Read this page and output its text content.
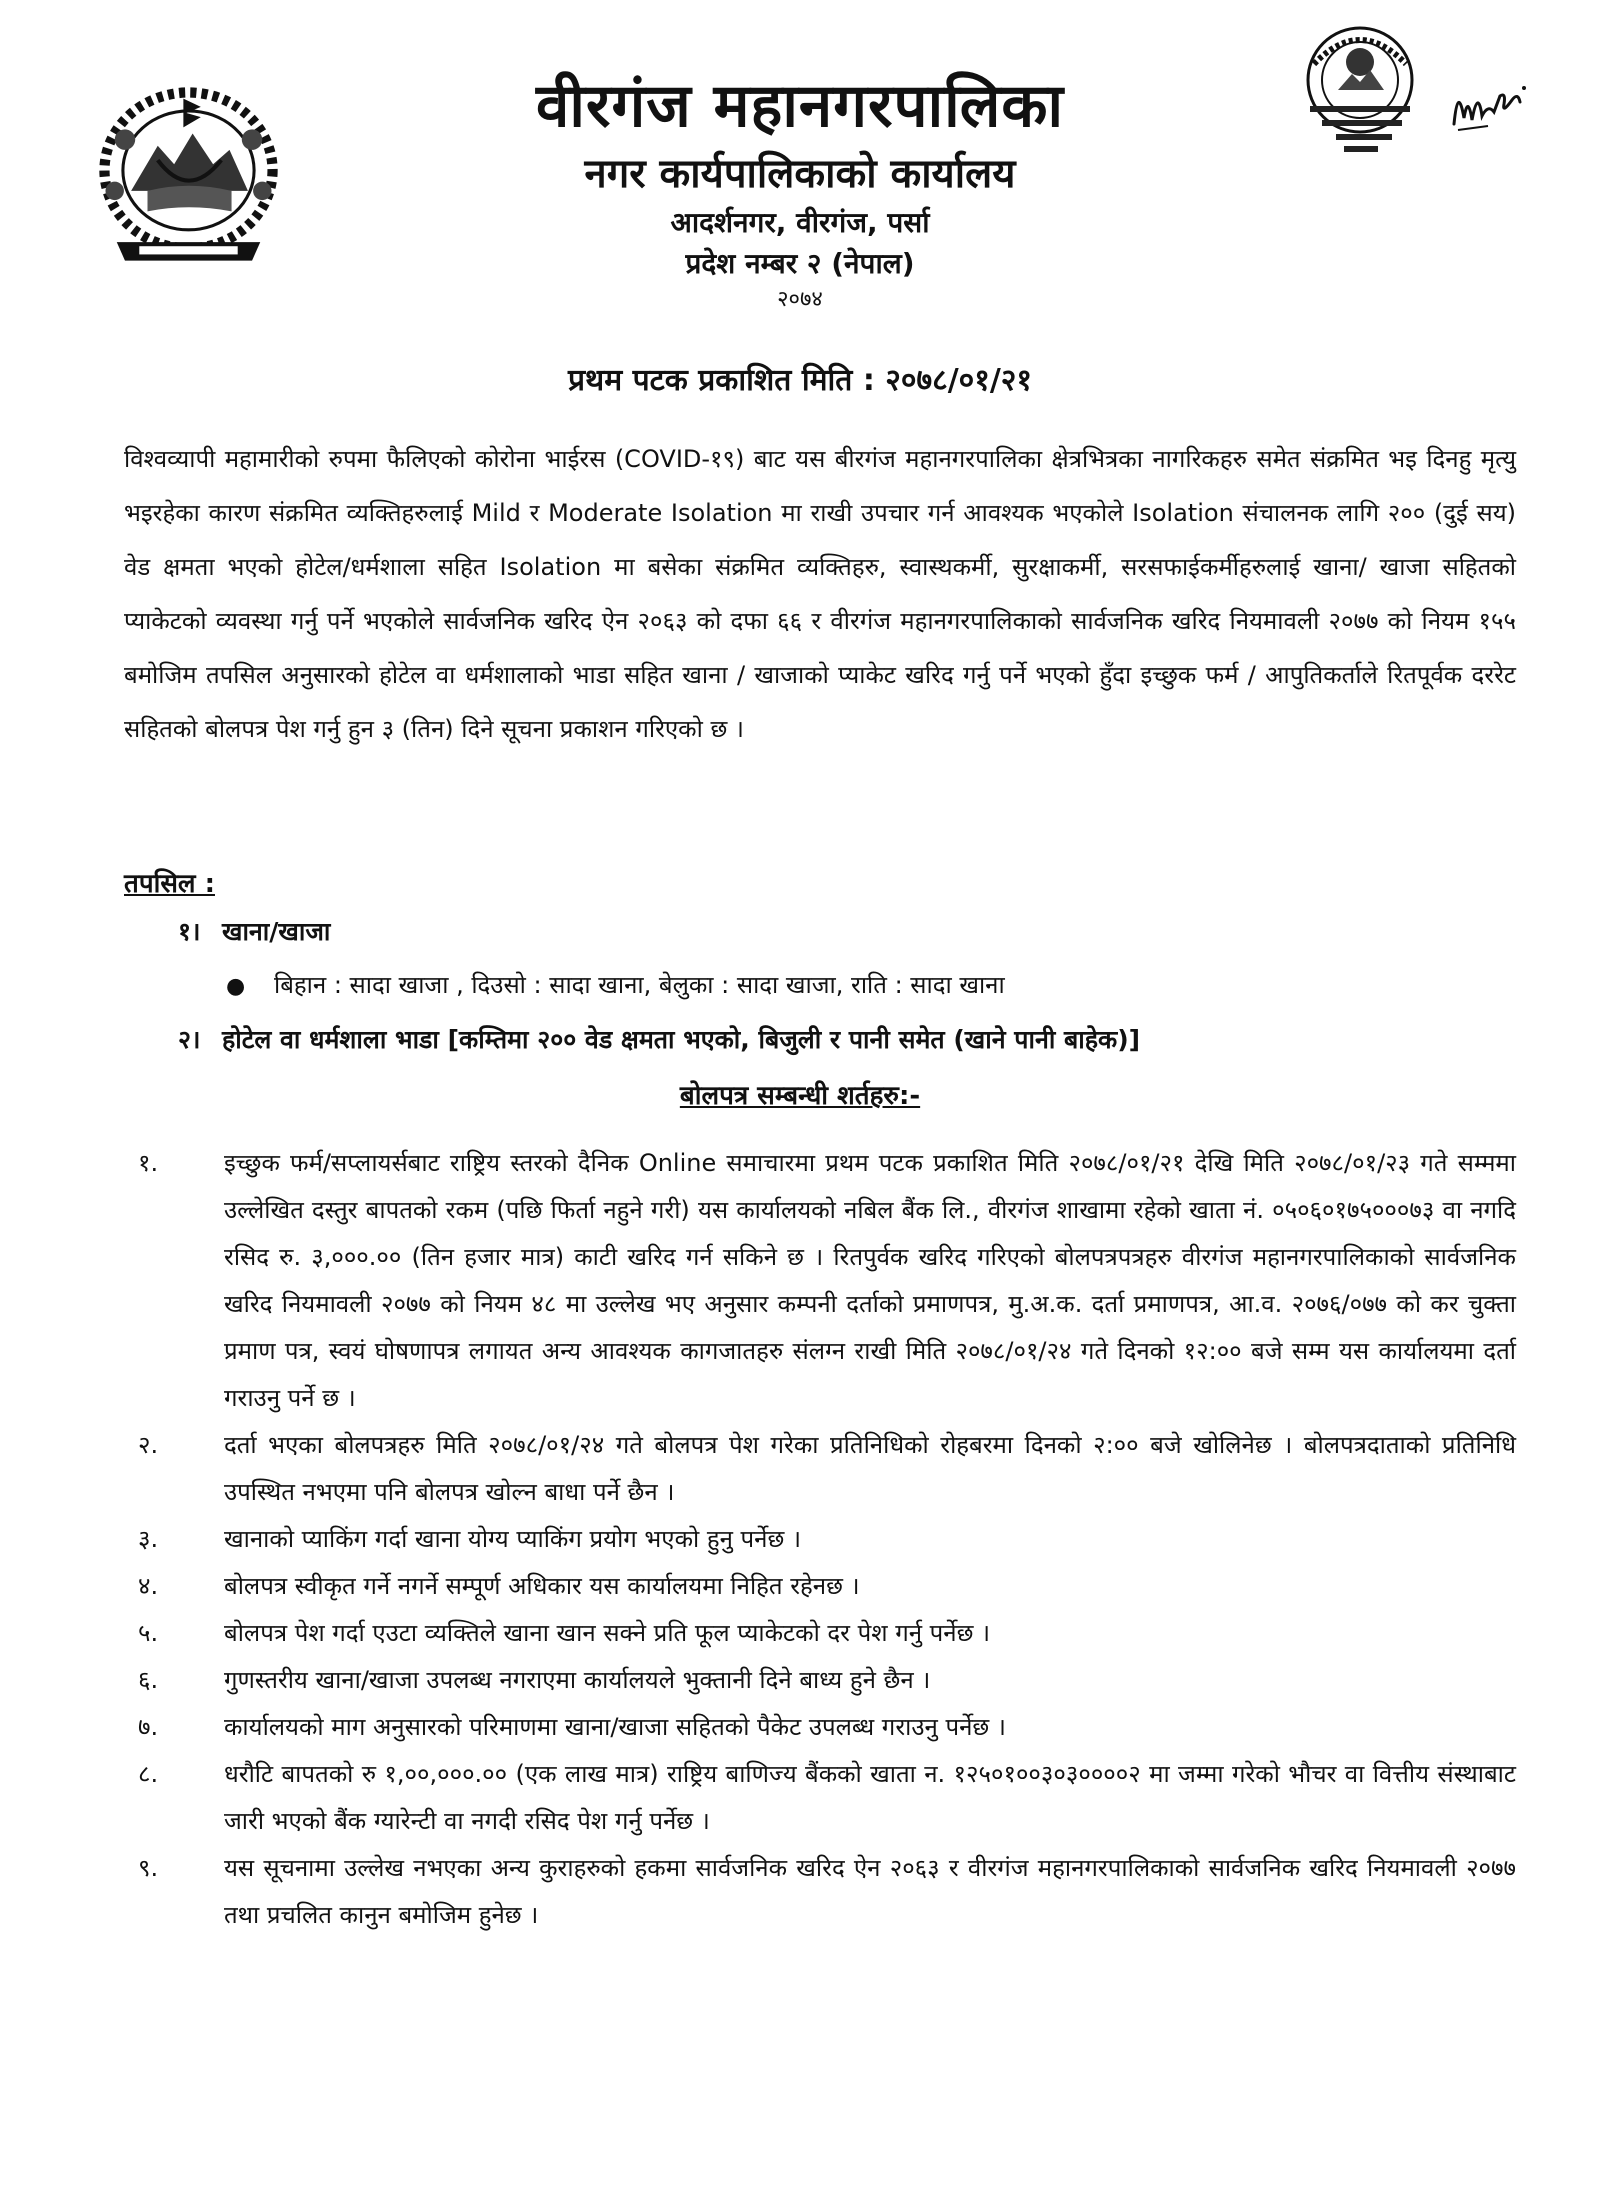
वीरगंज महानगरपालिका
नगर कार्यपालिकाको कार्यालय
आदर्शनगर, वीरगंज, पर्सा
प्रदेश नम्बर २ (नेपाल)
२०७४
प्रथम पटक प्रकाशित मिति : २०७८/०१/२१
विश्वव्यापी महामारीको रुपमा फैलिएको कोरोना भाईरस (COVID-१९) बाट यस बीरगंज महानगरपालिका क्षेत्रभित्रका नागरिकहरु समेत संक्रमित भइ दिनहु मृत्यु भइरहेका कारण संक्रमित व्यक्तिहरुलाई Mild र Moderate Isolation मा राखी उपचार गर्न आवश्यक भएकोले Isolation संचालनक लागि २०० (दुई सय) वेड क्षमता भएको होटेल/धर्मशाला सहित Isolation मा बसेका संक्रमित व्यक्तिहरु, स्वास्थकर्मी, सुरक्षाकर्मी, सरसफाईकर्मीहरुलाई खाना/ खाजा सहितको प्याकेटको व्यवस्था गर्नु पर्ने भएकोले सार्वजनिक खरिद ऐन २०६३ को दफा ६६ र वीरगंज महानगरपालिकाको सार्वजनिक खरिद नियमावली २०७७ को नियम १५५ बमोजिम तपसिल अनुसारको होटेल वा धर्मशालाको भाडा सहित खाना / खाजाको प्याकेट खरिद गर्नु पर्ने भएको हुँदा इच्छुक फर्म / आपुतिकर्ताले रितपूर्वक दररेट सहितको बोलपत्र पेश गर्नु हुन ३ (तिन) दिने सूचना प्रकाशन गरिएको छ ।
तपसिल :
१। खाना/खाजा
● बिहान : सादा खाजा , दिउसो : सादा खाना, बेलुका : सादा खाजा, राति : सादा खाना
२। होटेल वा धर्मशाला भाडा [कम्तिमा २०० वेड क्षमता भएको, बिजुली र पानी समेत (खाने पानी बाहेक)]
बोलपत्र सम्बन्धी शर्तहरु:-
१.	इच्छुक फर्म/सप्लायर्सबाट राष्ट्रिय स्तरको दैनिक Online समाचारमा प्रथम पटक प्रकाशित मिति २०७८/०१/२१ देखि मिति २०७८/०१/२३ गते सम्ममा उल्लेखित दस्तुर बापतको रकम (पछि फिर्ता नहुने गरी) यस कार्यालयको नबिल बैंक लि., वीरगंज शाखामा रहेको खाता नं. ०५०६०१७५०००७३ वा नगदि रसिद रु. ३,०००.०० (तिन हजार मात्र) काटी खरिद गर्न सकिने छ । रितपुर्वक खरिद गरिएको बोलपत्रपत्रहरु वीरगंज महानगरपालिकाको सार्वजनिक खरिद नियमावली २०७७ को नियम ४८ मा उल्लेख भए अनुसार कम्पनी दर्ताको प्रमाणपत्र, मु.अ.क. दर्ता प्रमाणपत्र, आ.व. २०७६/०७७ को कर चुक्ता प्रमाण पत्र, स्वयं घोषणापत्र लगायत अन्य आवश्यक कागजातहरु संलग्न राखी मिति २०७८/०१/२४ गते दिनको १२:०० बजे सम्म यस कार्यालयमा दर्ता गराउनु पर्ने छ ।
२.	दर्ता भएका बोलपत्रहरु मिति २०७८/०१/२४ गते बोलपत्र पेश गरेका प्रतिनिधिको रोहबरमा दिनको २:०० बजे खोलिनेछ । बोलपत्रदाताको प्रतिनिधि उपस्थित नभएमा पनि बोलपत्र खोल्न बाधा पर्ने छैन ।
३.	खानाको प्याकिंग गर्दा खाना योग्य प्याकिंग प्रयोग भएको हुनु पर्नेछ ।
४.	बोलपत्र स्वीकृत गर्ने नगर्ने सम्पूर्ण अधिकार यस कार्यालयमा निहित रहेनछ ।
५.	बोलपत्र पेश गर्दा एउटा व्यक्तिले खाना खान सक्ने प्रति फूल प्याकेटको दर पेश गर्नु पर्नेछ ।
६.	गुणस्तरीय खाना/खाजा उपलब्ध नगराएमा कार्यालयले भुक्तानी दिने बाध्य हुने छैन ।
७.	कार्यालयको माग अनुसारको परिमाणमा खाना/खाजा सहितको पैकेट उपलब्ध गराउनु पर्नेछ ।
८.	धरौटि बापतको रु १,००,०००.०० (एक लाख मात्र) राष्ट्रिय बाणिज्य बैंकको खाता न. १२५०१००३०३००००२ मा जम्मा गरेको भौचर वा वित्तीय संस्थाबाट जारी भएको बैंक ग्यारेन्टी वा नगदी रसिद पेश गर्नु पर्नेछ ।
९.	यस सूचनामा उल्लेख नभएका अन्य कुराहरुको हकमा सार्वजनिक खरिद ऐन २०६३ र वीरगंज महानगरपालिकाको सार्वजनिक खरिद नियमावली २०७७ तथा प्रचलित कानुन बमोजिम हुनेछ ।
